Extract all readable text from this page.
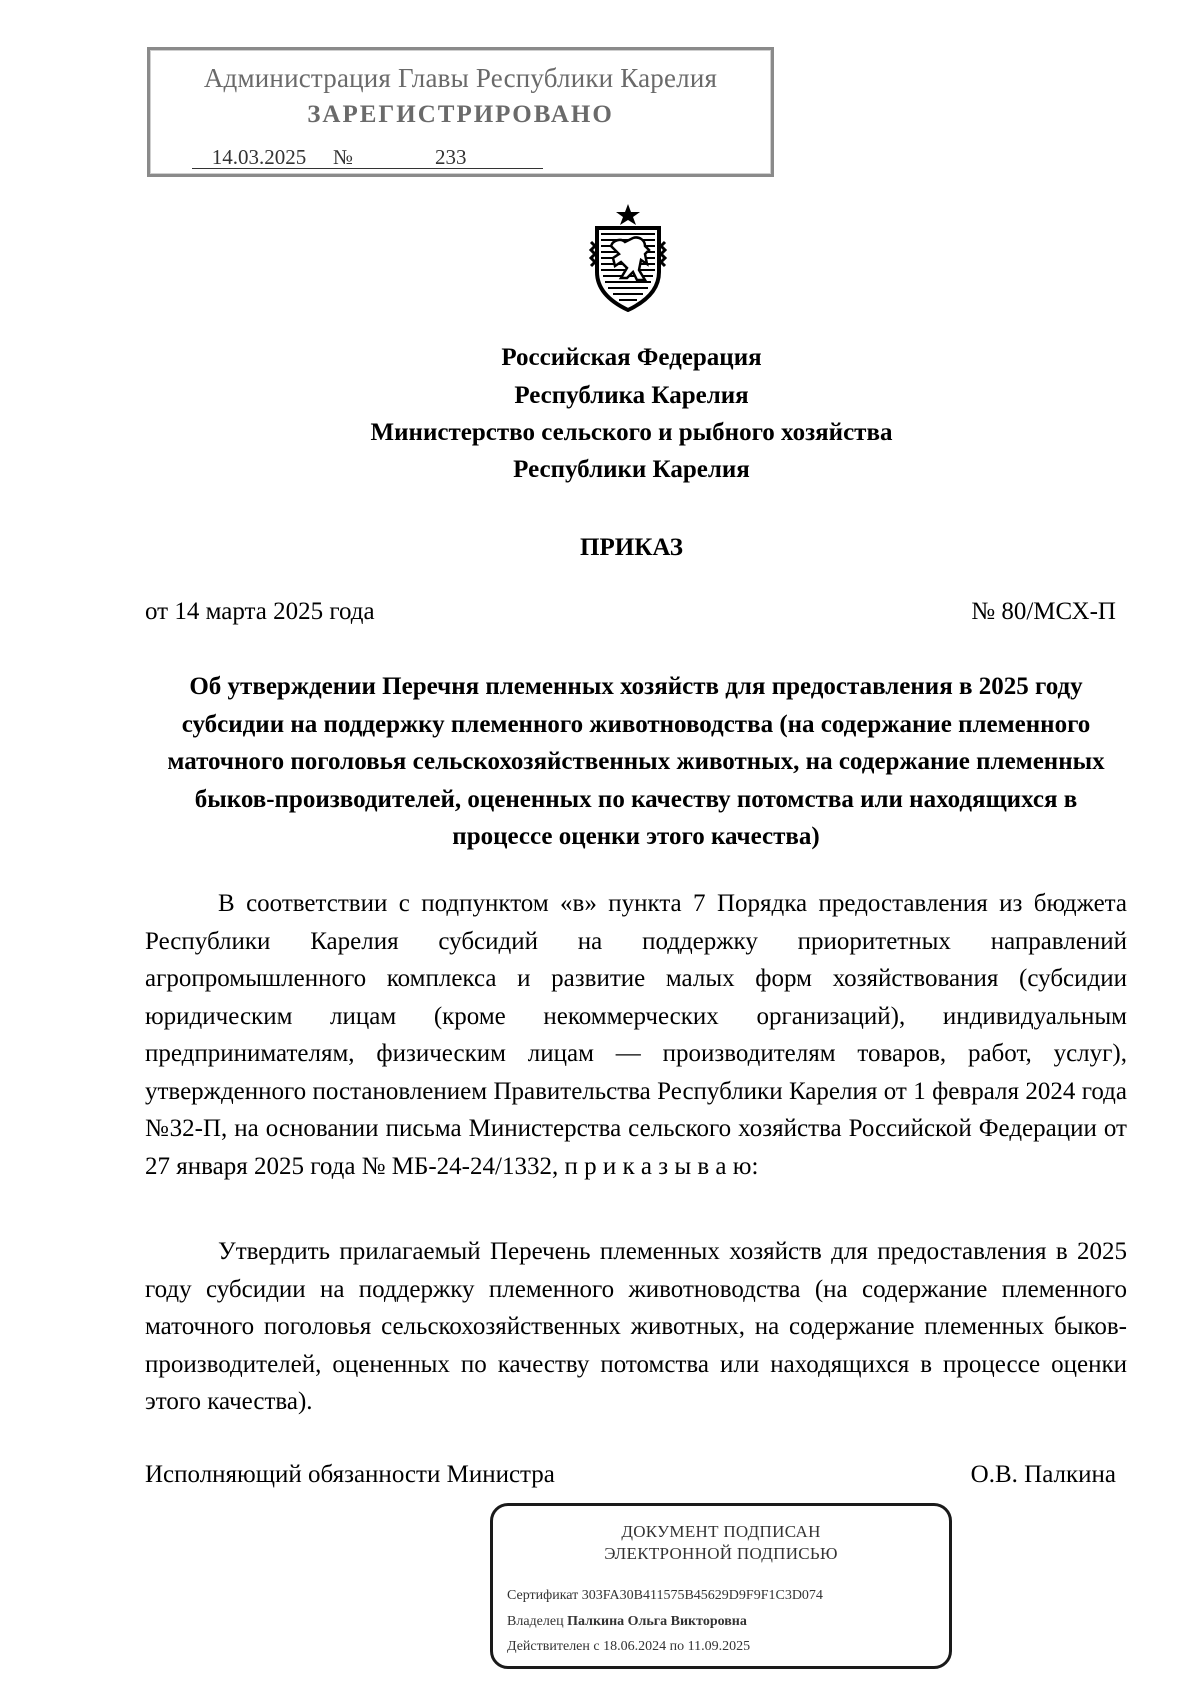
Администрация Главы Республики Карелия
ЗАРЕГИСТРИРОВАНО
14.03.2025	№	233
Российская Федерация
Республика Карелия
Министерство сельского и рыбного хозяйства
Республики Карелия
ПРИКАЗ
от 14 марта 2025 года	№ 80/МСХ-П
Об утверждении Перечня племенных хозяйств для предоставления в 2025 году субсидии на поддержку племенного животноводства (на содержание племенного маточного поголовья сельскохозяйственных животных, на содержание племенных быков-производителей, оцененных по качеству потомства или находящихся в процессе оценки этого качества)

В соответствии с подпунктом «в» пункта 7 Порядка предоставления из бюджета Республики Карелия субсидий на поддержку приоритетных направлений агропромышленного комплекса и развитие малых форм хозяйствования (субсидии юридическим лицам (кроме некоммерческих организаций), индивидуальным предпринимателям, физическим лицам — производителям товаров, работ, услуг), утвержденного постановлением Правительства Республики Карелия от 1 февраля 2024 года №32-П, на основании письма Министерства сельского хозяйства Российской Федерации от 27 января 2025 года № МБ-24-24/1332, п р и к а з ы в а ю:

Утвердить прилагаемый Перечень племенных хозяйств для предоставления в 2025 году субсидии на поддержку племенного животноводства (на содержание племенного маточного поголовья сельскохозяйственных животных, на содержание племенных быков-производителей, оцененных по качеству потомства или находящихся в процессе оценки этого качества).

Исполняющий обязанности Министра	О.В. Палкина
ДОКУМЕНТ ПОДПИСАН
ЭЛЕКТРОННОЙ ПОДПИСЬЮ
Сертификат 303FA30B411575B45629D9F9F1C3D074
Владелец Палкина Ольга Викторовна
Действителен с 18.06.2024 по 11.09.2025
